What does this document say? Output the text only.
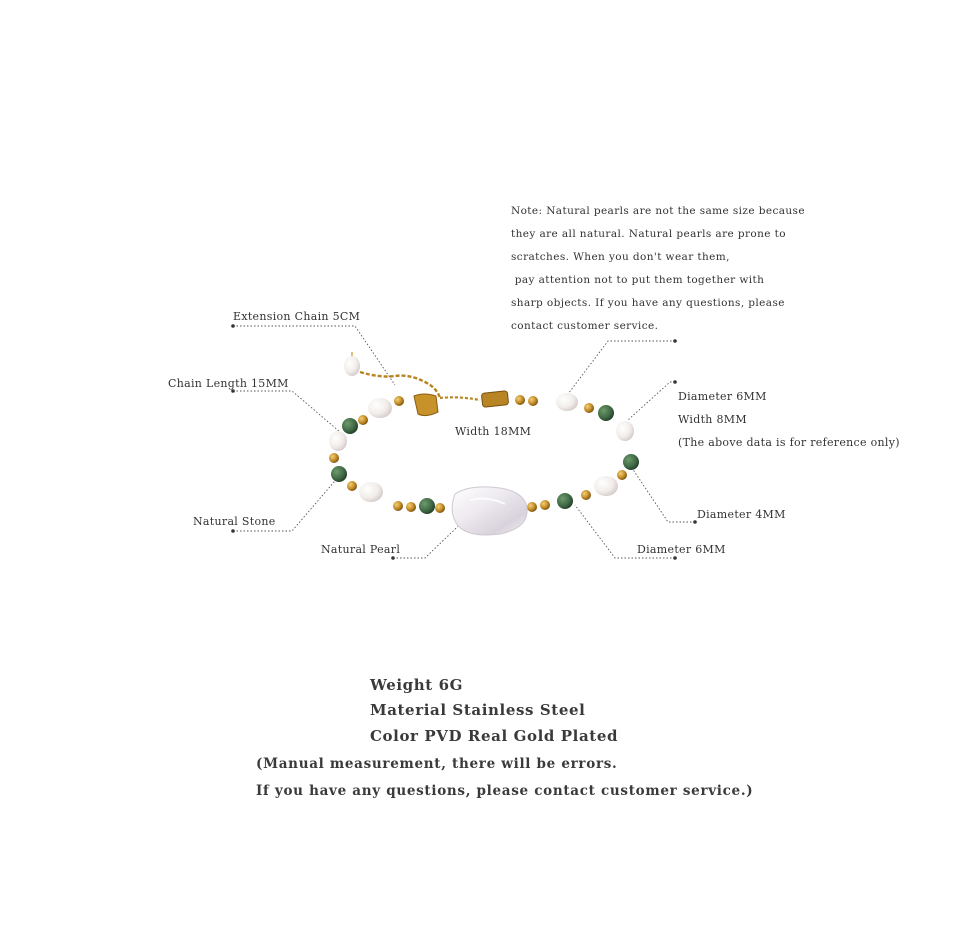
Note: Natural pearls are not the same size because
they are all natural. Natural pearls are prone to
scratches. When you don't wear them,
pay attention not to put them together with
sharp objects. If you have any questions, please
contact customer service.
Extension Chain 5CM
Chain Length 15MM
Natural Stone
Natural Pearl
Width 18MM
Diameter 6MM
Width 8MM
(The above data is for reference only)
Diameter 4MM
Diameter 6MM
Weight 6G
Material Stainless Steel
Color PVD Real Gold Plated
(Manual measurement, there will be errors.
If you have any questions, please contact customer service.)
